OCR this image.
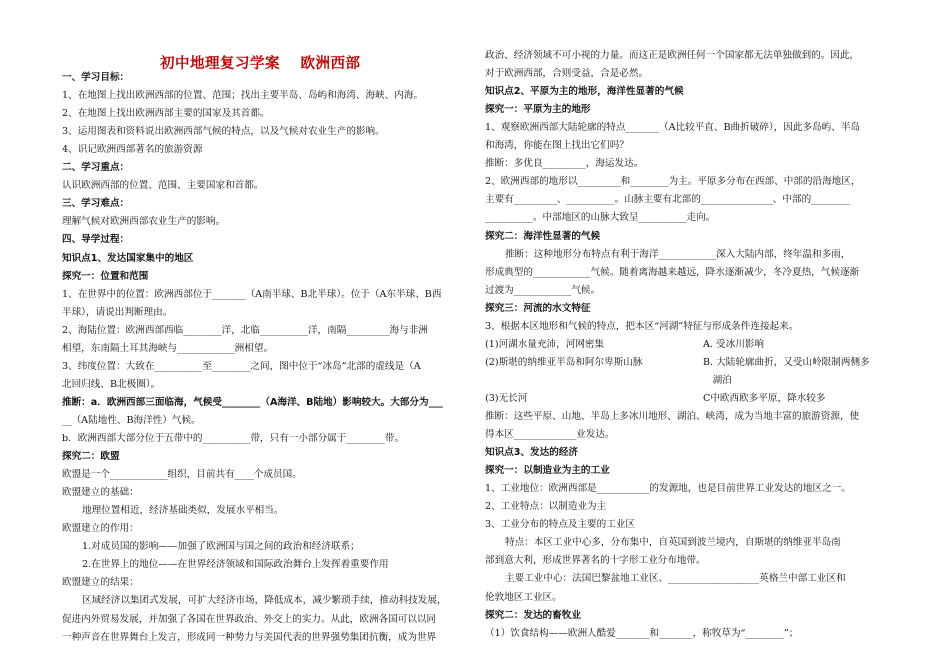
初中地理复习学案　 欧洲西部
一、学习目标：
1、在地图上找出欧洲西部的位置、范围；找出主要半岛、岛屿和海湾、海峡、内海。
2、在地图上找出欧洲西部主要的国家及其首都。
3、运用图表和资料说出欧洲西部气候的特点，以及气候对农业生产的影响。
4、识记欧洲西部著名的旅游资源
二、学习重点：
认识欧洲西部的位置、范围、主要国家和首都。
三、学习难点：
理解气候对欧洲西部农业生产的影响。
四、导学过程：
知识点1、发达国家集中的地区
探究一：位置和范围
1、在世界中的位置：欧洲西部位于_______（A南半球、B北半球）。位于（A东半球、B西
半球），请说出判断理由。
2、海陆位置：欧洲西部西临________洋，北临__________洋，南隔_________海与非洲
相望，东南隔土耳其海峡与____________洲相望。
3、纬度位置：大致在__________至________之间，图中位于“冰岛”北部的虚线是（A
北回归线、B北极圈）。
推断：a．欧洲西部三面临海，气候受________（A海洋、B陆地）影响较大。大部分为___
__（A陆地性、B海洋性）气候。
b．欧洲西部大部分位于五带中的__________带，只有一小部分属于________带。
探究二：欧盟
欧盟是一个____________组织，目前共有____个成员国。
欧盟建立的基础：
地理位置相近，经济基础类似，发展水平相当。
欧盟建立的作用：
1.对成员国的影响——加强了欧洲国与国之间的政治和经济联系；
2.在世界上的地位——在世界经济领域和国际政治舞台上发挥着重要作用
欧盟建立的结果：
区域经济以集团式发展，可扩大经济市场，降低成本，减少繁琐手续，推动科技发展，
促进内外贸易发展，并加强了各国在世界政治、外交上的实力。从此，欧洲各国可以以同
一种声音在世界舞台上发言，形成同一种势力与美国代表的世界强势集团抗衡，成为世界
政治、经济领域不可小视的力量。而这正是欧洲任何一个国家都无法单独做到的。因此，
对于欧洲西部，合则受益，合是必然。
知识点2、平原为主的地形，海洋性显著的气候
探究一：平原为主的地形
1、观察欧洲西部大陆轮廓的特点_______（A比较平直、B曲折破碎），因此多岛屿、半岛
和海湾，你能在图上找出它们吗？
推断：多优良_________，海运发达。
2、欧洲西部的地形以_________和________为主。平原多分布在西部、中部的沿海地区，
主要有_________、__________。山脉主要有北部的_______________、中部的________
__________。中部地区的山脉大致呈__________走向。
探究二：海洋性显著的气候
推断：这种地形分布特点有利于海洋____________深入大陆内部，终年温和多雨，
形成典型的____________气候。随着离海越来越远，降水逐渐减少，冬冷夏热，气候逐渐
过渡为____________气候。
探究三：河流的水文特征
3、根据本区地形和气候的特点，把本区“河湖”特征与形成条件连接起来。
(1)河湖水量充沛，河网密集	A. 受冰川影响
(2)斯堪的纳维亚半岛和阿尔卑斯山脉	B. 大陆轮廓曲折，又受山岭限制两侧多
 湖泊
(3)无长河	C中欧西欧多平原，降水较多
推断：这些平原、山地、半岛上多冰川地形、湖泊、峡湾，成为当地丰富的旅游资源，使
得本区_____________业发达。
知识点3、发达的经济
探究一：以制造业为主的工业
1、工业地位：欧洲西部是___________的发源地，也是目前世界工业发达的地区之一。
2、工业特点：以制造业为主
3、工业分布的特点及主要的工业区
特点：本区工业中心多，分布集中，自英国到波兰境内，自斯堪的纳维亚半岛南
部到意大利，形成世界著名的十字形工业分布地带。
主要工业中心：法国巴黎盆地工业区、___________________英格兰中部工业区和
伦敦地区工业区。
探究二：发达的畜牧业
（1）饮食结构——欧洲人酷爱_______和_______，称牧草为“________”；
